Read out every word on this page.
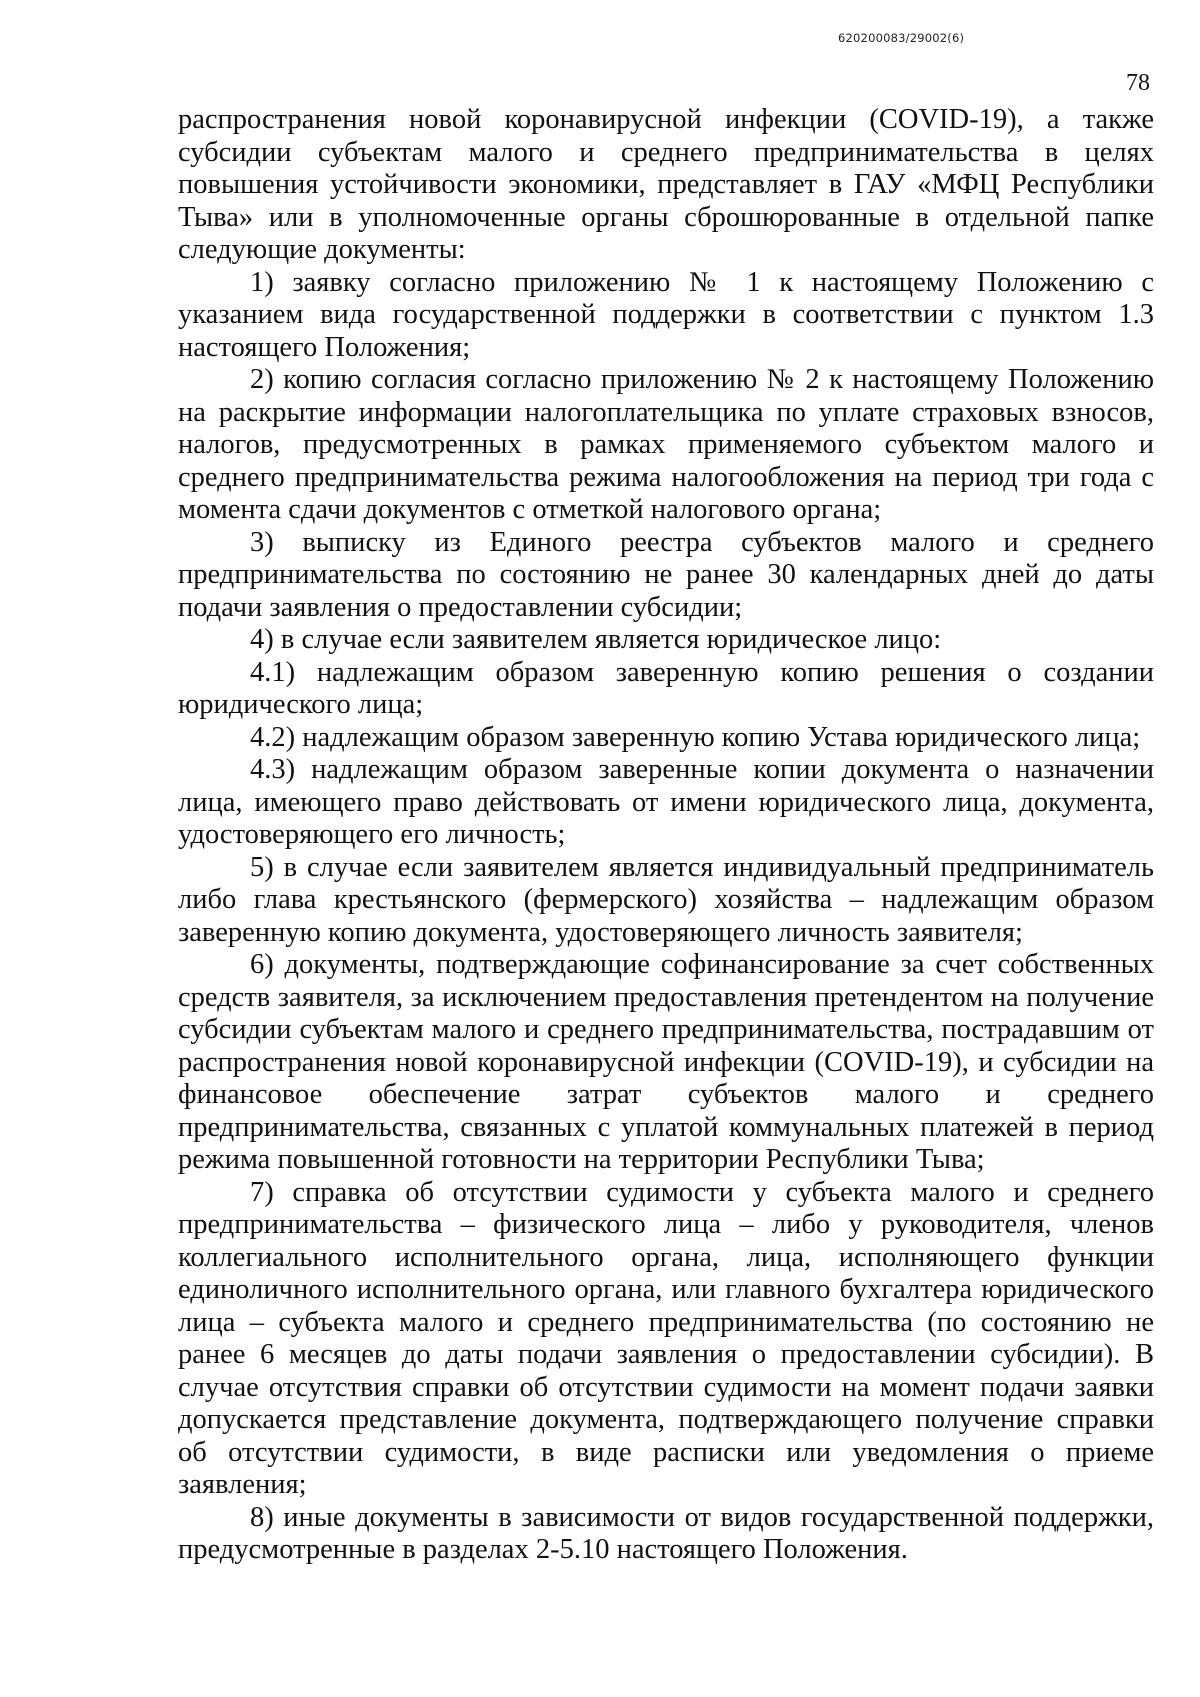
620200083/29002(6)
78

распространения новой коронавирусной инфекции (COVID-19), а также субсидии субъектам малого и среднего предпринимательства в целях повышения устойчивости экономики, представляет в ГАУ «МФЦ Республики Тыва» или в уполномоченные органы сброшюрованные в отдельной папке следующие документы:

1) заявку согласно приложению № 1 к настоящему Положению с указанием вида государственной поддержки в соответствии с пунктом 1.3 настоящего Положения;

2) копию согласия согласно приложению № 2 к настоящему Положению на раскрытие информации налогоплательщика по уплате страховых взносов, налогов, предусмотренных в рамках применяемого субъектом малого и среднего предпринимательства режима налогообложения на период три года с момента сдачи документов с отметкой налогового органа;

3) выписку из Единого реестра субъектов малого и среднего предпринимательства по состоянию не ранее 30 календарных дней до даты подачи заявления о предоставлении субсидии;

4) в случае если заявителем является юридическое лицо:

4.1) надлежащим образом заверенную копию решения о создании юридического лица;

4.2) надлежащим образом заверенную копию Устава юридического лица;

4.3) надлежащим образом заверенные копии документа о назначении лица, имеющего право действовать от имени юридического лица, документа, удостоверяющего его личность;

5) в случае если заявителем является индивидуальный предприниматель либо глава крестьянского (фермерского) хозяйства – надлежащим образом заверенную копию документа, удостоверяющего личность заявителя;

6) документы, подтверждающие софинансирование за счет собственных средств заявителя, за исключением предоставления претендентом на получение субсидии субъектам малого и среднего предпринимательства, пострадавшим от распространения новой коронавирусной инфекции (COVID-19), и субсидии на финансовое обеспечение затрат субъектов малого и среднего предпринимательства, связанных с уплатой коммунальных платежей в период режима повышенной готовности на территории Республики Тыва;

7) справка об отсутствии судимости у субъекта малого и среднего предпринимательства – физического лица – либо у руководителя, членов коллегиального исполнительного органа, лица, исполняющего функции единоличного исполнительного органа, или главного бухгалтера юридического лица – субъекта малого и среднего предпринимательства (по состоянию не ранее 6 месяцев до даты подачи заявления о предоставлении субсидии). В случае отсутствия справки об отсутствии судимости на момент подачи заявки допускается представление документа, подтверждающего получение справки об отсутствии судимости, в виде расписки или уведомления о приеме заявления;

8) иные документы в зависимости от видов государственной поддержки, предусмотренные в разделах 2-5.10 настоящего Положения.
